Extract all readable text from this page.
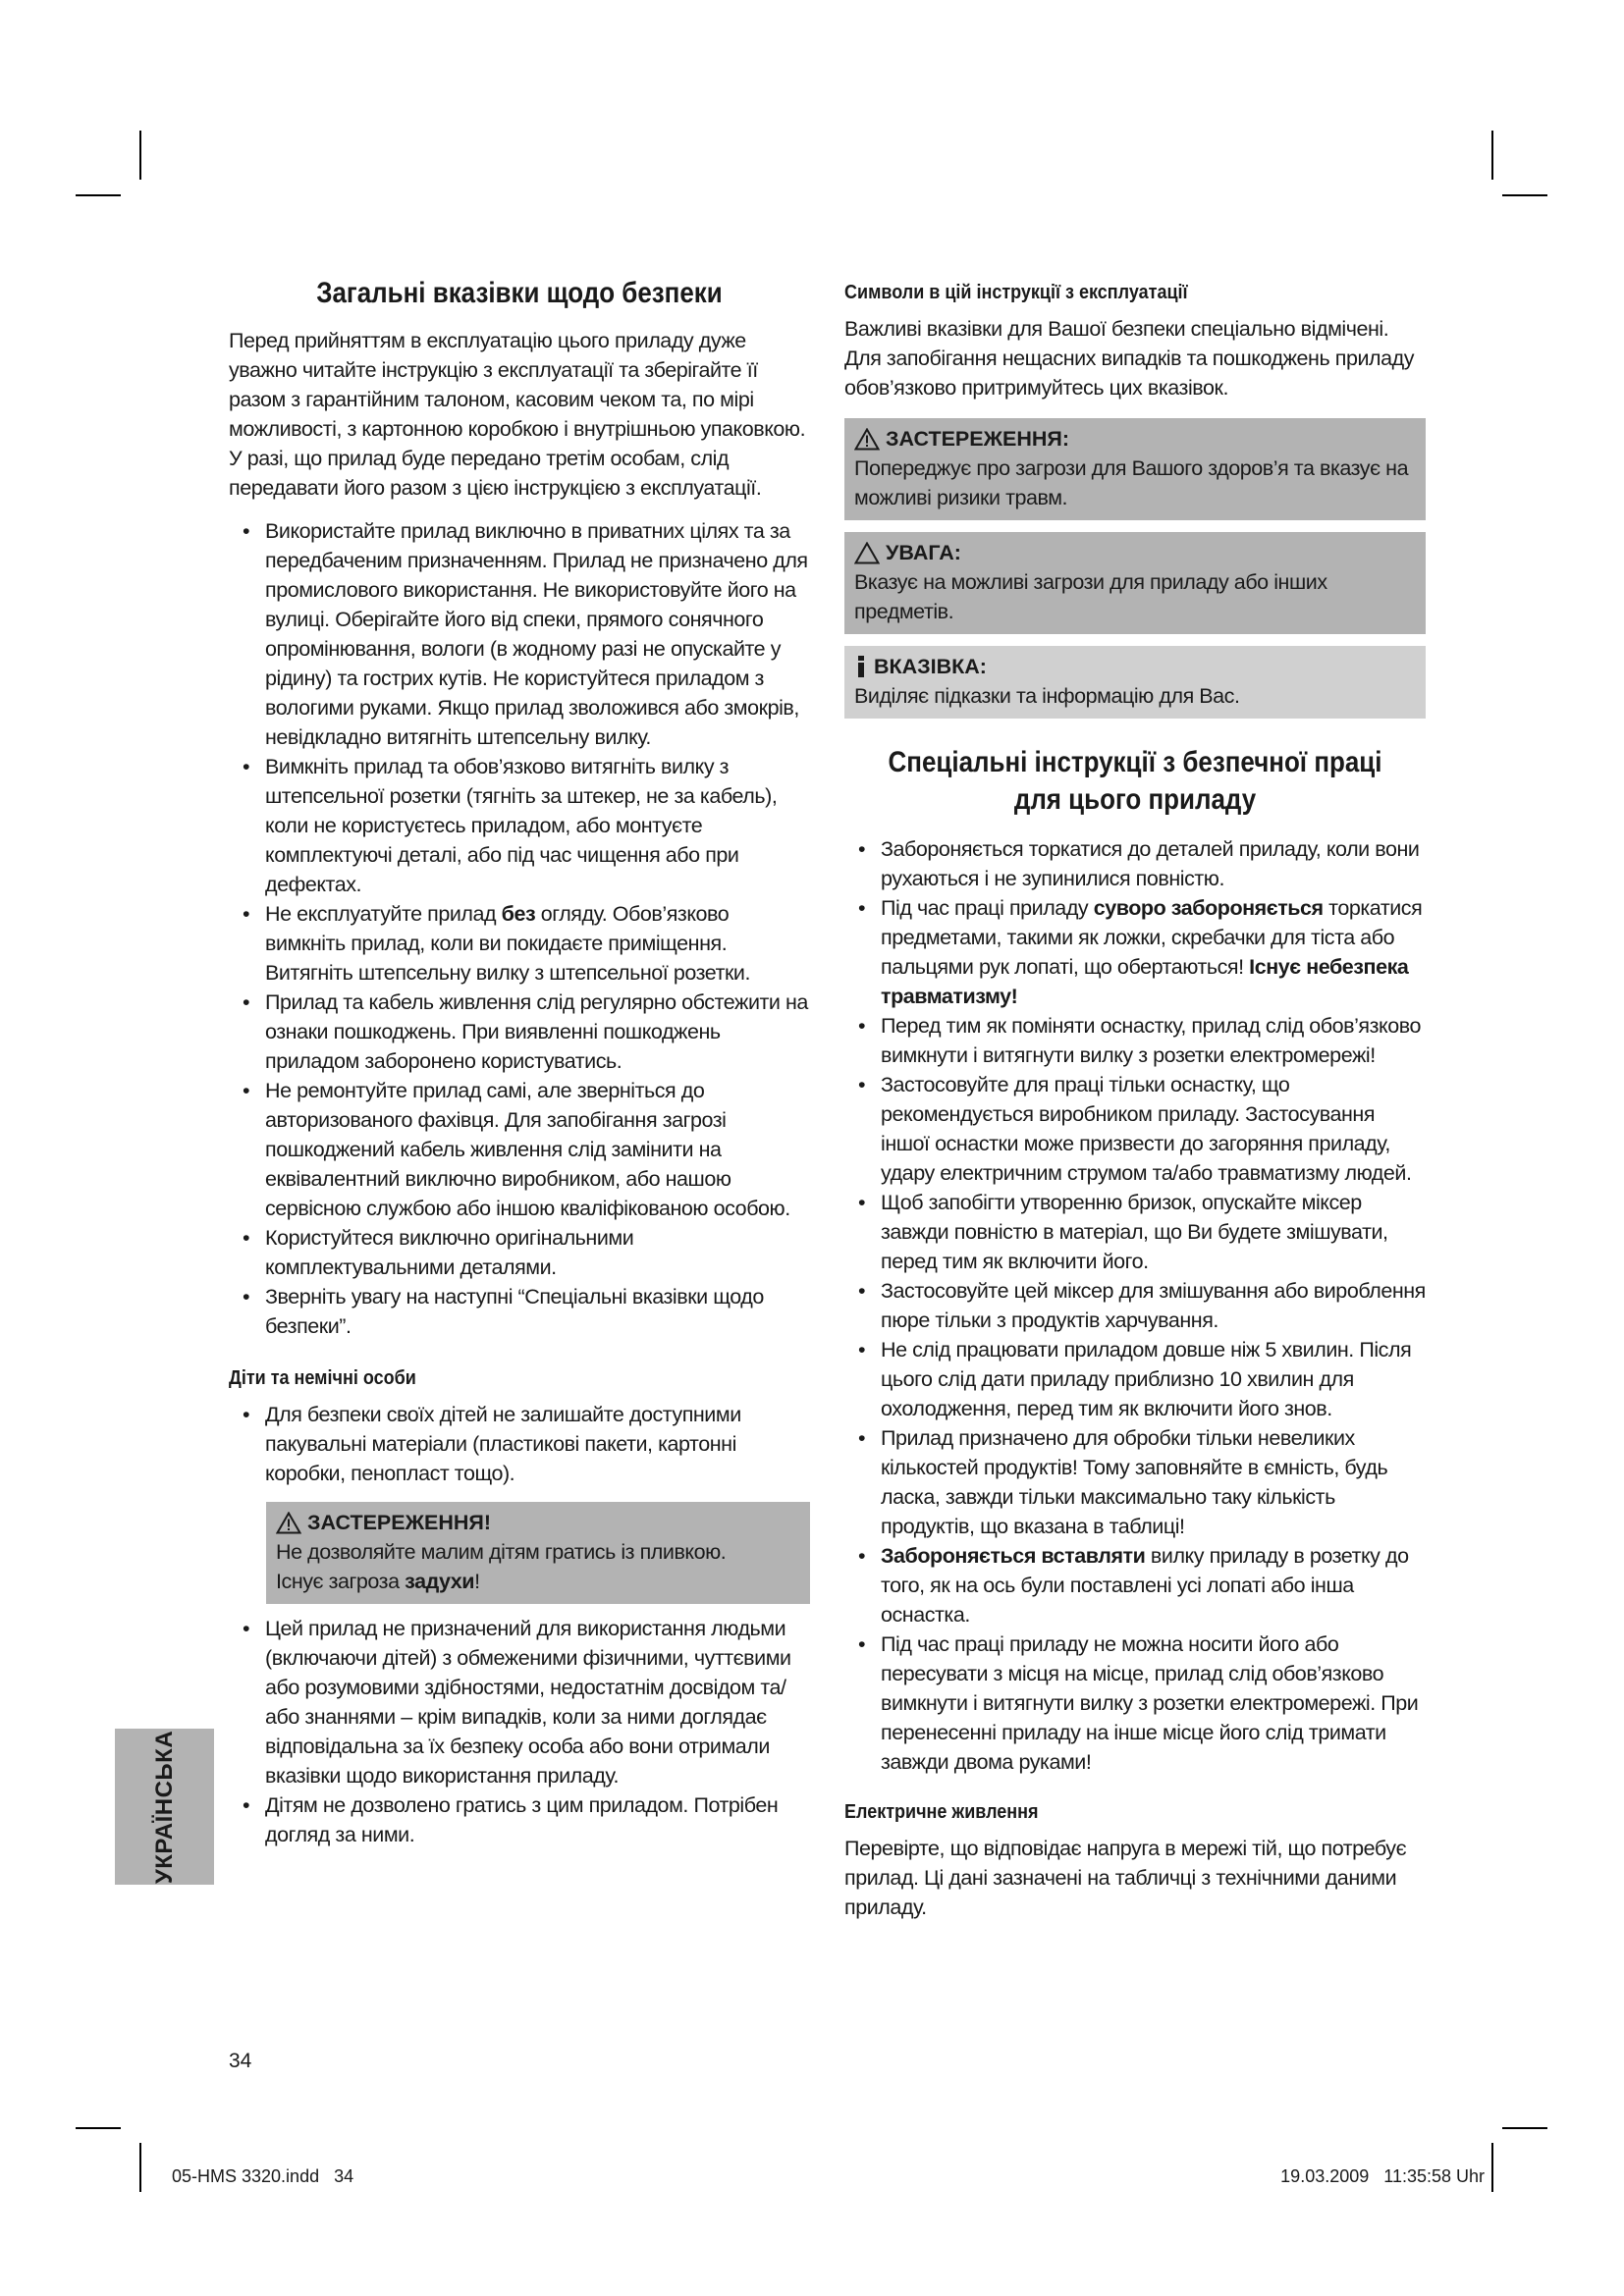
Загальні вказівки щодо безпеки

Перед прийняттям в експлуатацію цього приладу дуже уважно читайте інструкцію з експлуатації та зберігайте її разом з гарантійним талоном, касовим чеком та, по мірі можливості, з картонною коробкою і внутрішньою упаковкою. У разі, що прилад буде передано третім особам, слід передавати його разом з цією інструкцією з експлуатації.

• Використайте прилад виключно в приватних цілях та за передбаченим призначенням. Прилад не призначено для промислового використання. Не використовуйте його на вулиці. Оберігайте його від спеки, прямого сонячного опромінювання, вологи (в жодному разі не опускайте у рідину) та гострих кутів. Не користуйтеся приладом з вологими руками. Якщо прилад зволожився або змокрів, невідкладно витягніть штепсельну вилку.
• Вимкніть прилад та обов’язково витягніть вилку з штепсельної розетки (тягніть за штекер, не за кабель), коли не користуєтесь приладом, або монтуєте комплектуючі деталі, або під час чищення або при дефектах.
• Не експлуатуйте прилад без огляду. Обов’язково вимкніть прилад, коли ви покидаєте приміщення. Витягніть штепсельну вилку з штепсельної розетки.
• Прилад та кабель живлення слід регулярно обстежити на ознаки пошкоджень. При виявленні пошкоджень приладом заборонено користуватись.
• Не ремонтуйте прилад самі, але зверніться до авторизованого фахівця. Для запобігання загрозі пошкоджений кабель живлення слід замінити на еквівалентний виключно виробником, або нашою сервісною службою або іншою кваліфікованою особою.
• Користуйтеся виключно оригінальними комплектувальними деталями.
• Зверніть увагу на наступні “Спеціальні вказівки щодо безпеки”.
Діти та немічні особи
• Для безпеки своїх дітей не залишайте доступними пакувальні матеріали (пластикові пакети, картонні коробки, пенопласт тощо).
ЗАСТЕРЕЖЕННЯ!

Не дозволяйте малим дітям гратись із пливкою.

Існує загроза задухи!

• Цей прилад не призначений для використання людьми (включаючи дітей) з обмеженими фізичними, чуттєвими або розумовими здібностями, недостатнім досвідом та/ або знаннями – крім випадків, коли за ними доглядає відповідальна за їх безпеку особа або вони отримали вказівки щодо використання приладу.
• Дітям не дозволено гратись з цим приладом. Потрібен догляд за ними.
Символи в цій інструкції з експлуатації

Важливі вказівки для Вашої безпеки спеціально відмічені. Для запобігання нещасних випадків та пошкоджень приладу обов’язково притримуйтесь цих вказівок.

ЗАСТЕРЕЖЕННЯ:

Попереджує про загрози для Вашого здоров’я та вказує на можливі ризики травм.

УВАГА:

Вказує на можливі загрози для приладу або інших предметів.

ВКАЗІВКА:

Виділяє підказки та інформацію для Вас.

Спеціальні інструкції з безпечної праці
для цього приладу
• Забороняється торкатися до деталей приладу, коли вони рухаються і не зупинилися повністю.
• Під час праці приладу суворо забороняється торкатися предметами, такими як ложки, скребачки для тіста або пальцями рук лопаті, що обертаються! Існує небезпека травматизму!
• Перед тим як поміняти оснастку, прилад слід обов’язково вимкнути і витягнути вилку з розетки електромережі!
• Застосовуйте для праці тільки оснастку, що рекомендується виробником приладу. Застосування іншої оснастки може призвести до загоряння приладу, удару електричним струмом та/або травматизму людей.
• Щоб запобігти утворенню бризок, опускайте міксер завжди повністю в матеріал, що Ви будете змішувати, перед тим як включити його.
• Застосовуйте цей міксер для змішування або вироблення пюре тільки з продуктів харчування.
• Не слід працювати приладом довше ніж 5 хвилин. Після цього слід дати приладу приблизно 10 хвилин для охолодження, перед тим як включити його знов.
• Прилад призначено для обробки тільки невеликих кількостей продуктів! Тому заповняйте в ємність, будь ласка, завжди тільки максимально таку кількість продуктів, що вказана в таблиці!
• Забороняється вставляти вилку приладу в розетку до того, як на ось були поставлені усі лопаті або інша оснастка.
• Під час праці приладу не можна носити його або пересувати з місця на місце, прилад слід обов’язково вимкнути і витягнути вилку з розетки електромережі. При перенесенні приладу на інше місце його слід тримати завжди двома руками!
Електричне живлення

Перевірте, що відповідає напруга в мережі тій, що потребує прилад. Ці дані зазначені на табличці з технічними даними приладу.

УКРАЇНСЬКА
34
05-HMS 3320.indd   34	19.03.2009   11:35:58 Uhr
